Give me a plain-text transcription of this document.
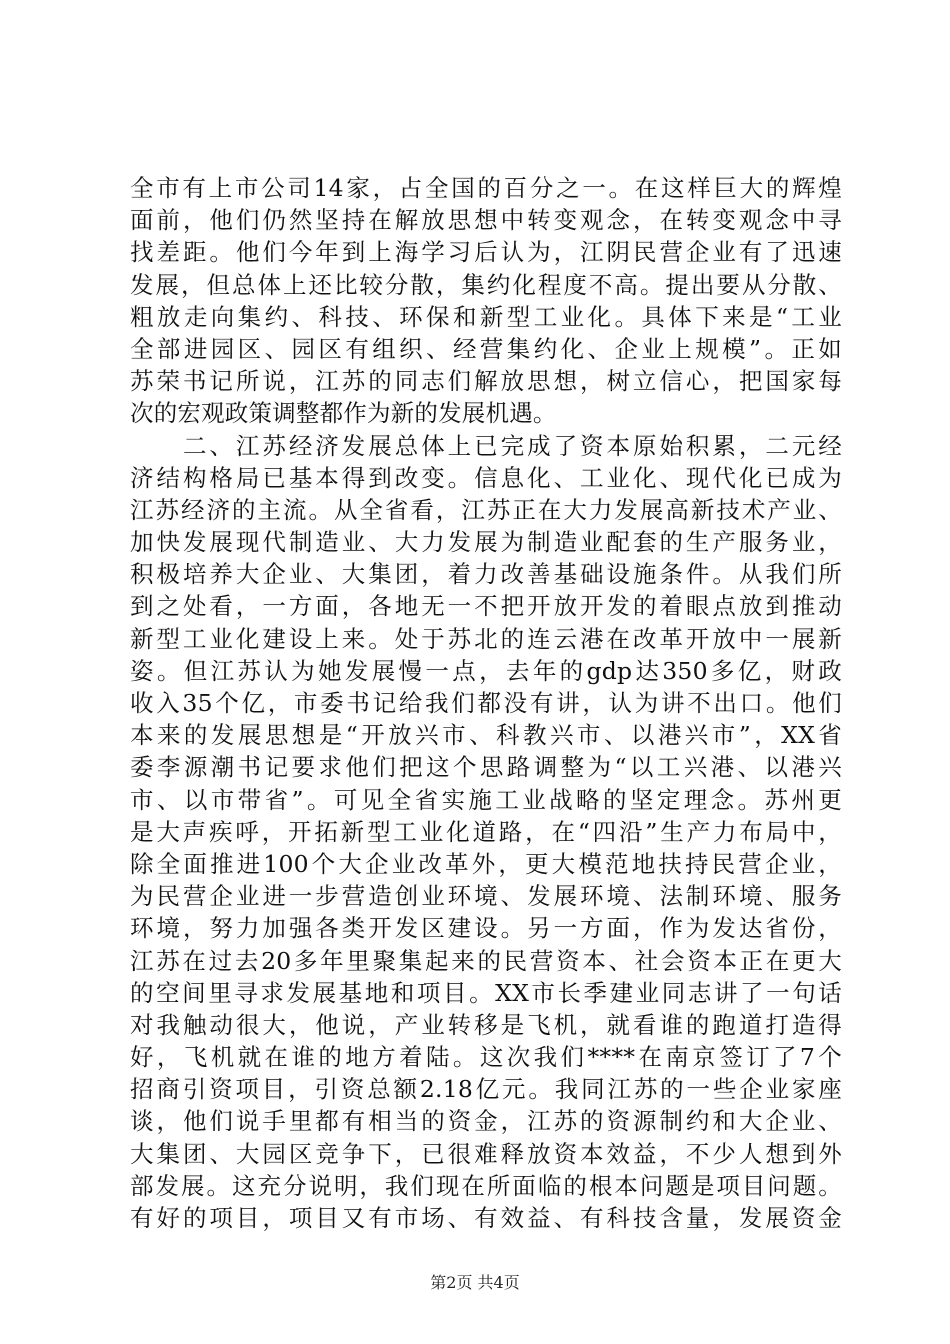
全市有上市公司14家，占全国的百分之一。在这样巨大的辉煌
面前，他们仍然坚持在解放思想中转变观念，在转变观念中寻
找差距。他们今年到上海学习后认为，江阴民营企业有了迅速
发展，但总体上还比较分散，集约化程度不高。提出要从分散、
粗放走向集约、科技、环保和新型工业化。具体下来是“工业
全部进园区、园区有组织、经营集约化、企业上规模”。正如
苏荣书记所说，江苏的同志们解放思想，树立信心，把国家每
次的宏观政策调整都作为新的发展机遇。
　　二、江苏经济发展总体上已完成了资本原始积累，二元经
济结构格局已基本得到改变。信息化、工业化、现代化已成为
江苏经济的主流。从全省看，江苏正在大力发展高新技术产业、
加快发展现代制造业、大力发展为制造业配套的生产服务业，
积极培养大企业、大集团，着力改善基础设施条件。从我们所
到之处看，一方面，各地无一不把开放开发的着眼点放到推动
新型工业化建设上来。处于苏北的连云港在改革开放中一展新
姿。但江苏认为她发展慢一点，去年的gdp达350多亿，财政
收入35个亿，市委书记给我们都没有讲，认为讲不出口。他们
本来的发展思想是“开放兴市、科教兴市、以港兴市”，XX省
委李源潮书记要求他们把这个思路调整为“以工兴港、以港兴
市、以市带省”。可见全省实施工业战略的坚定理念。苏州更
是大声疾呼，开拓新型工业化道路，在“四沿”生产力布局中，
除全面推进100个大企业改革外，更大模范地扶持民营企业，
为民营企业进一步营造创业环境、发展环境、法制环境、服务
环境，努力加强各类开发区建设。另一方面，作为发达省份，
江苏在过去20多年里聚集起来的民营资本、社会资本正在更大
的空间里寻求发展基地和项目。XX市长季建业同志讲了一句话
对我触动很大，他说，产业转移是飞机，就看谁的跑道打造得
好，飞机就在谁的地方着陆。这次我们****在南京签订了7个
招商引资项目，引资总额2.18亿元。我同江苏的一些企业家座
谈，他们说手里都有相当的资金，江苏的资源制约和大企业、
大集团、大园区竞争下，已很难释放资本效益，不少人想到外
部发展。这充分说明，我们现在所面临的根本问题是项目问题。
有好的项目，项目又有市场、有效益、有科技含量，发展资金
第2页 共4页
